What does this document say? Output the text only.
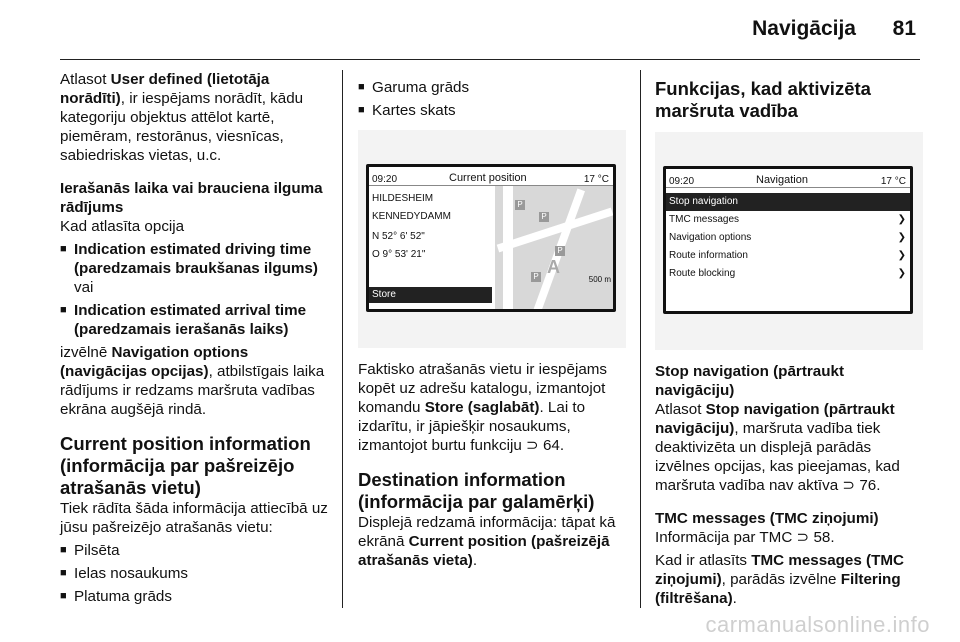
Navigācija 81

Atlasot User defined (lietotāja norādīti), ir iespējams norādīt, kādu kategoriju objektus attēlot kartē, piemēram, restorānus, viesnīcas, sabiedriskas vietas, u.c.

Ierašanās laika vai brauciena ilguma rādījums

Kad atlasīta opcija

■ Indication estimated driving time (paredzamais braukšanas ilgums)
vai
■ Indication estimated arrival time (paredzamais ierašanās laiks)

izvēlnē Navigation options (navigācijas opcijas), atbilstīgais laika rādījums ir redzams maršruta vadības ekrāna augšējā rindā.

Current position information (informācija par pašreizējo atrašanās vietu)

Tiek rādīta šāda informācija attiecībā uz jūsu pašreizējo atrašanās vietu:

■ Pilsēta
■ Ielas nosaukums
■ Platuma grāds
■ Garuma grāds
■ Kartes skats
09:20	Current position	17 °C
HILDESHEIM
KENNEDYDAMM
N 52° 6' 52"
O 9° 53' 21"
Store
P
P
P
P A
500 m

Faktisko atrašanās vietu ir iespējams kopēt uz adrešu katalogu, izmantojot komandu Store (saglabāt). Lai to izdarītu, ir jāpiešķir nosaukums, izmantojot burtu funkciju ⊃ 64.

Destination information (informācija par galamērķi)

Displejā redzamā informācija: tāpat kā ekrānā Current position (pašreizējā atrašanās vieta).

Funkcijas, kad aktivizēta maršruta vadība

09:20	Navigation	17 °C
Stop navigation
TMC messages	❯
Navigation options	❯
Route information	❯
Route blocking	❯

Stop navigation (pārtraukt navigāciju)

Atlasot Stop navigation (pārtraukt navigāciju), maršruta vadība tiek deaktivizēta un displejā parādās izvēlnes opcijas, kas pieejamas, kad maršruta vadība nav aktīva ⊃ 76.

TMC messages (TMC ziņojumi)

Informācija par TMC ⊃ 58.

Kad ir atlasīts TMC messages (TMC ziņojumi), parādās izvēlne Filtering (filtrēšana).

carmanualsonline.info
